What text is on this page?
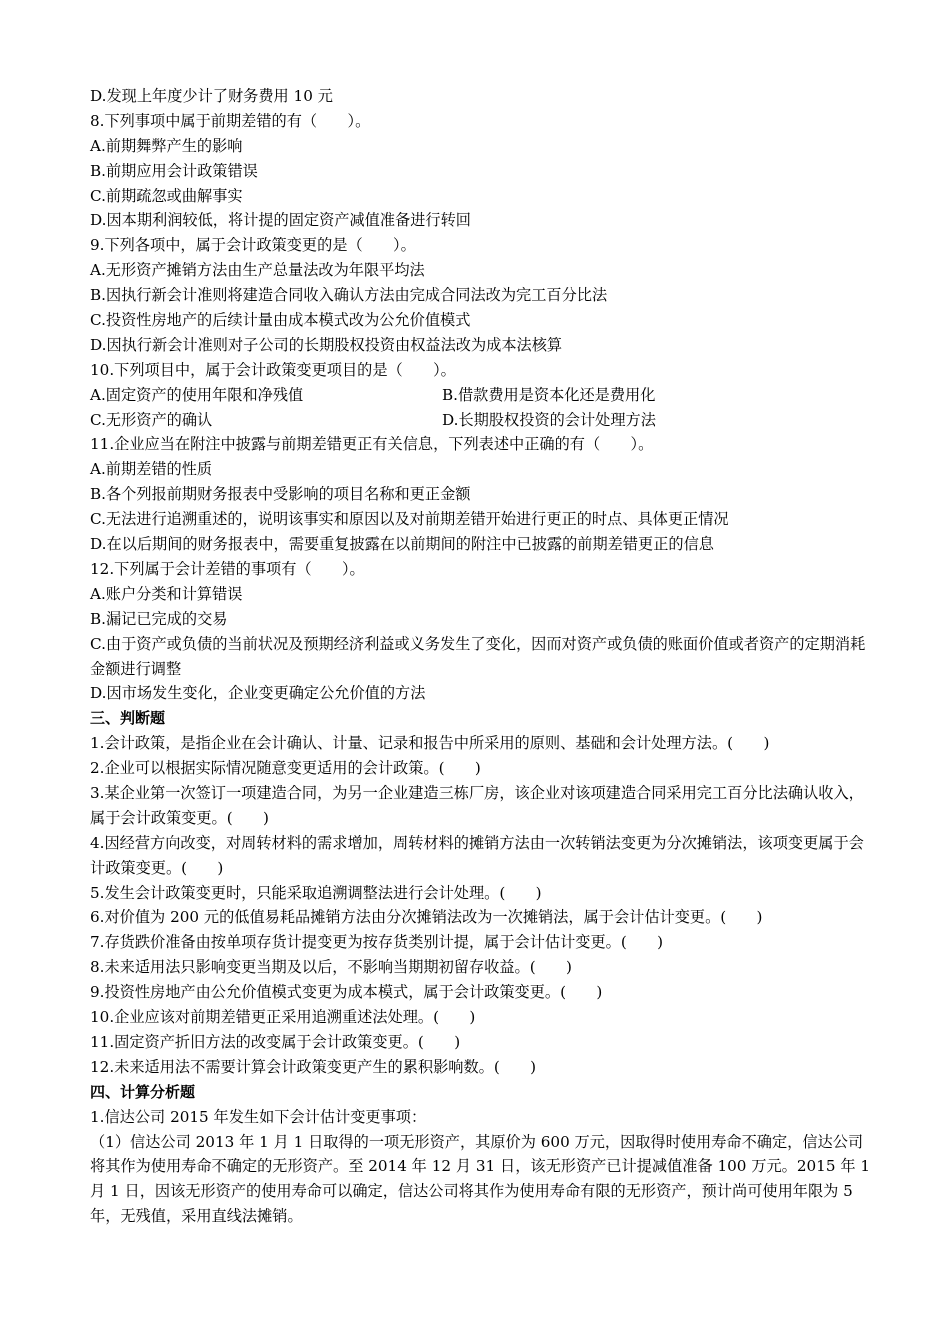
D.发现上年度少计了财务费用 10 元
8.下列事项中属于前期差错的有（　　）。
A.前期舞弊产生的影响
B.前期应用会计政策错误
C.前期疏忽或曲解事实
D.因本期利润较低，将计提的固定资产减值准备进行转回
9.下列各项中，属于会计政策变更的是（　　）。
A.无形资产摊销方法由生产总量法改为年限平均法
B.因执行新会计准则将建造合同收入确认方法由完成合同法改为完工百分比法
C.投资性房地产的后续计量由成本模式改为公允价值模式
D.因执行新会计准则对子公司的长期股权投资由权益法改为成本法核算
10.下列项目中，属于会计政策变更项目的是（　　）。
A.固定资产的使用年限和净残值	B.借款费用是资本化还是费用化
C.无形资产的确认	D.长期股权投资的会计处理方法
11.企业应当在附注中披露与前期差错更正有关信息，下列表述中正确的有（　　）。
A.前期差错的性质
B.各个列报前期财务报表中受影响的项目名称和更正金额
C.无法进行追溯重述的，说明该事实和原因以及对前期差错开始进行更正的时点、具体更正情况
D.在以后期间的财务报表中，需要重复披露在以前期间的附注中已披露的前期差错更正的信息
12.下列属于会计差错的事项有（　　）。
A.账户分类和计算错误
B.漏记已完成的交易
C.由于资产或负债的当前状况及预期经济利益或义务发生了变化，因而对资产或负债的账面价值或者资产的定期消耗金额进行调整
D.因市场发生变化，企业变更确定公允价值的方法
三、判断题
1.会计政策，是指企业在会计确认、计量、记录和报告中所采用的原则、基础和会计处理方法。(　　)
2.企业可以根据实际情况随意变更适用的会计政策。(　　)
3.某企业第一次签订一项建造合同，为另一企业建造三栋厂房，该企业对该项建造合同采用完工百分比法确认收入，属于会计政策变更。(　　)
4.因经营方向改变，对周转材料的需求增加，周转材料的摊销方法由一次转销法变更为分次摊销法，该项变更属于会计政策变更。(　　)
5.发生会计政策变更时，只能采取追溯调整法进行会计处理。(　　)
6.对价值为 200 元的低值易耗品摊销方法由分次摊销法改为一次摊销法，属于会计估计变更。(　　)
7.存货跌价准备由按单项存货计提变更为按存货类别计提，属于会计估计变更。(　　)
8.未来适用法只影响变更当期及以后，不影响当期期初留存收益。(　　)
9.投资性房地产由公允价值模式变更为成本模式，属于会计政策变更。(　　)
10.企业应该对前期差错更正采用追溯重述法处理。(　　)
11.固定资产折旧方法的改变属于会计政策变更。(　　)
12.未来适用法不需要计算会计政策变更产生的累积影响数。(　　)
四、计算分析题
1.信达公司 2015 年发生如下会计估计变更事项：
（1）信达公司 2013 年 1 月 1 日取得的一项无形资产，其原价为 600 万元，因取得时使用寿命不确定，信达公司将其作为使用寿命不确定的无形资产。至 2014 年 12 月 31 日，该无形资产已计提减值准备 100 万元。2015 年 1 月 1 日，因该无形资产的使用寿命可以确定，信达公司将其作为使用寿命有限的无形资产，预计尚可使用年限为 5 年，无残值，采用直线法摊销。
